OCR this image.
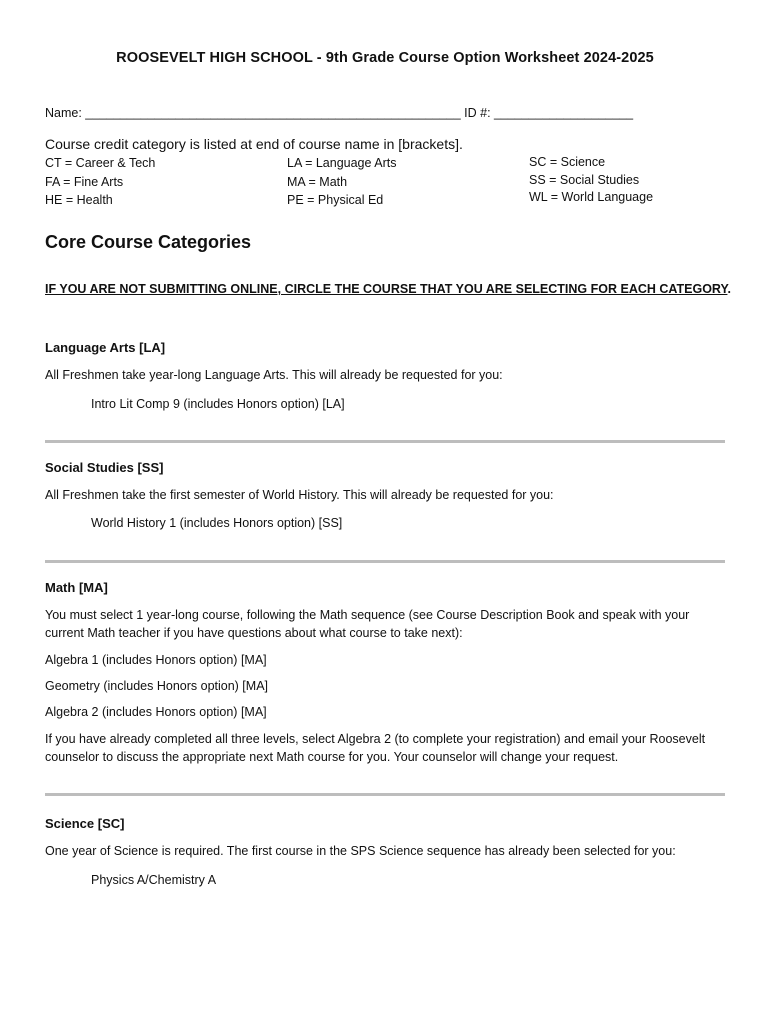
ROOSEVELT HIGH SCHOOL - 9th Grade Course Option Worksheet 2024-2025
Name: ______________________________________________________ ID #: ____________________
Course credit category is listed at end of course name in [brackets].
CT = Career & Tech
FA = Fine Arts
HE = Health
LA = Language Arts
MA = Math
PE = Physical Ed
SC = Science
SS = Social Studies
WL = World Language
Core Course Categories
IF YOU ARE NOT SUBMITTING ONLINE, CIRCLE THE COURSE THAT YOU ARE SELECTING FOR EACH CATEGORY.
Language Arts [LA]
All Freshmen take year-long Language Arts. This will already be requested for you:
Intro Lit Comp 9 (includes Honors option) [LA]
Social Studies [SS]
All Freshmen take the first semester of World History. This will already be requested for you:
World History 1 (includes Honors option) [SS]
Math [MA]
You must select 1 year-long course, following the Math sequence (see Course Description Book and speak with your current Math teacher if you have questions about what course to take next):
Algebra 1 (includes Honors option) [MA]
Geometry (includes Honors option) [MA]
Algebra 2 (includes Honors option) [MA]
If you have already completed all three levels, select Algebra 2 (to complete your registration) and email your Roosevelt counselor to discuss the appropriate next Math course for you. Your counselor will change your request.
Science [SC]
One year of Science is required. The first course in the SPS Science sequence has already been selected for you:
Physics A/Chemistry A
